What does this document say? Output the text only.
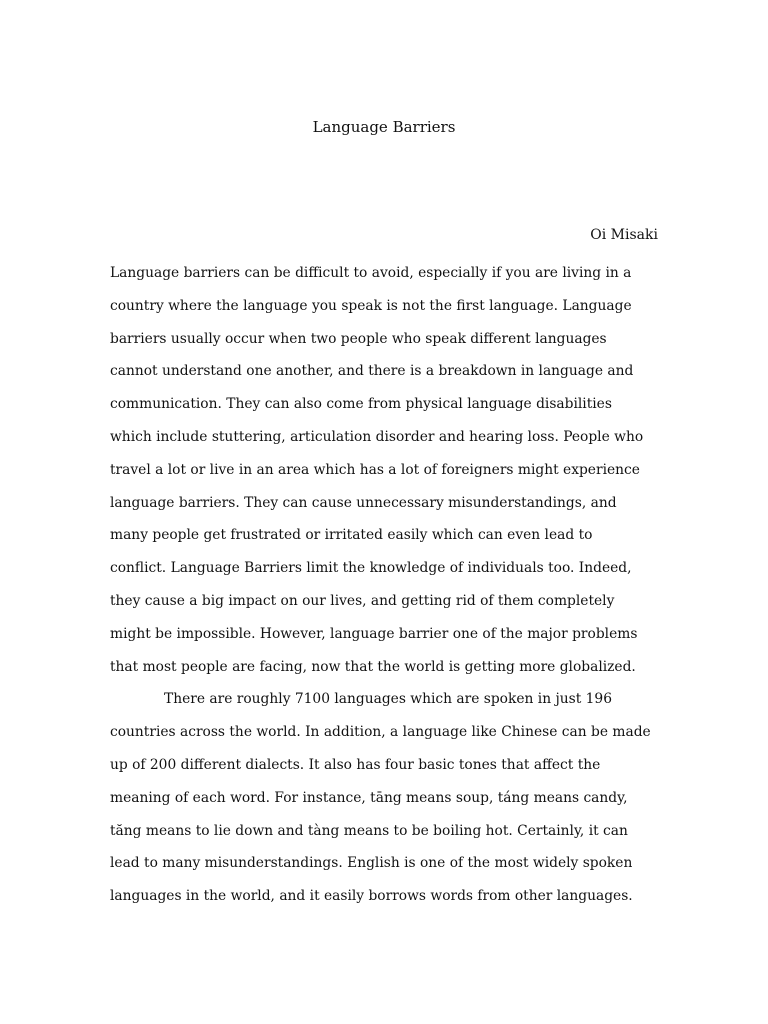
Language Barriers
Oi Misaki
Language barriers can be difficult to avoid, especially if you are living in a
country where the language you speak is not the first language. Language
barriers usually occur when two people who speak different languages
cannot understand one another, and there is a breakdown in language and
communication. They can also come from physical language disabilities
which include stuttering, articulation disorder and hearing loss. People who
travel a lot or live in an area which has a lot of foreigners might experience
language barriers. They can cause unnecessary misunderstandings, and
many people get frustrated or irritated easily which can even lead to
conflict. Language Barriers limit the knowledge of individuals too. Indeed,
they cause a big impact on our lives, and getting rid of them completely
might be impossible. However, language barrier one of the major problems
that most people are facing, now that the world is getting more globalized.
There are roughly 7100 languages which are spoken in just 196
countries across the world. In addition, a language like Chinese can be made
up of 200 different dialects. It also has four basic tones that affect the
meaning of each word. For instance, tāng means soup, táng means candy,
tăng means to lie down and tàng means to be boiling hot. Certainly, it can
lead to many misunderstandings. English is one of the most widely spoken
languages in the world, and it easily borrows words from other languages.
